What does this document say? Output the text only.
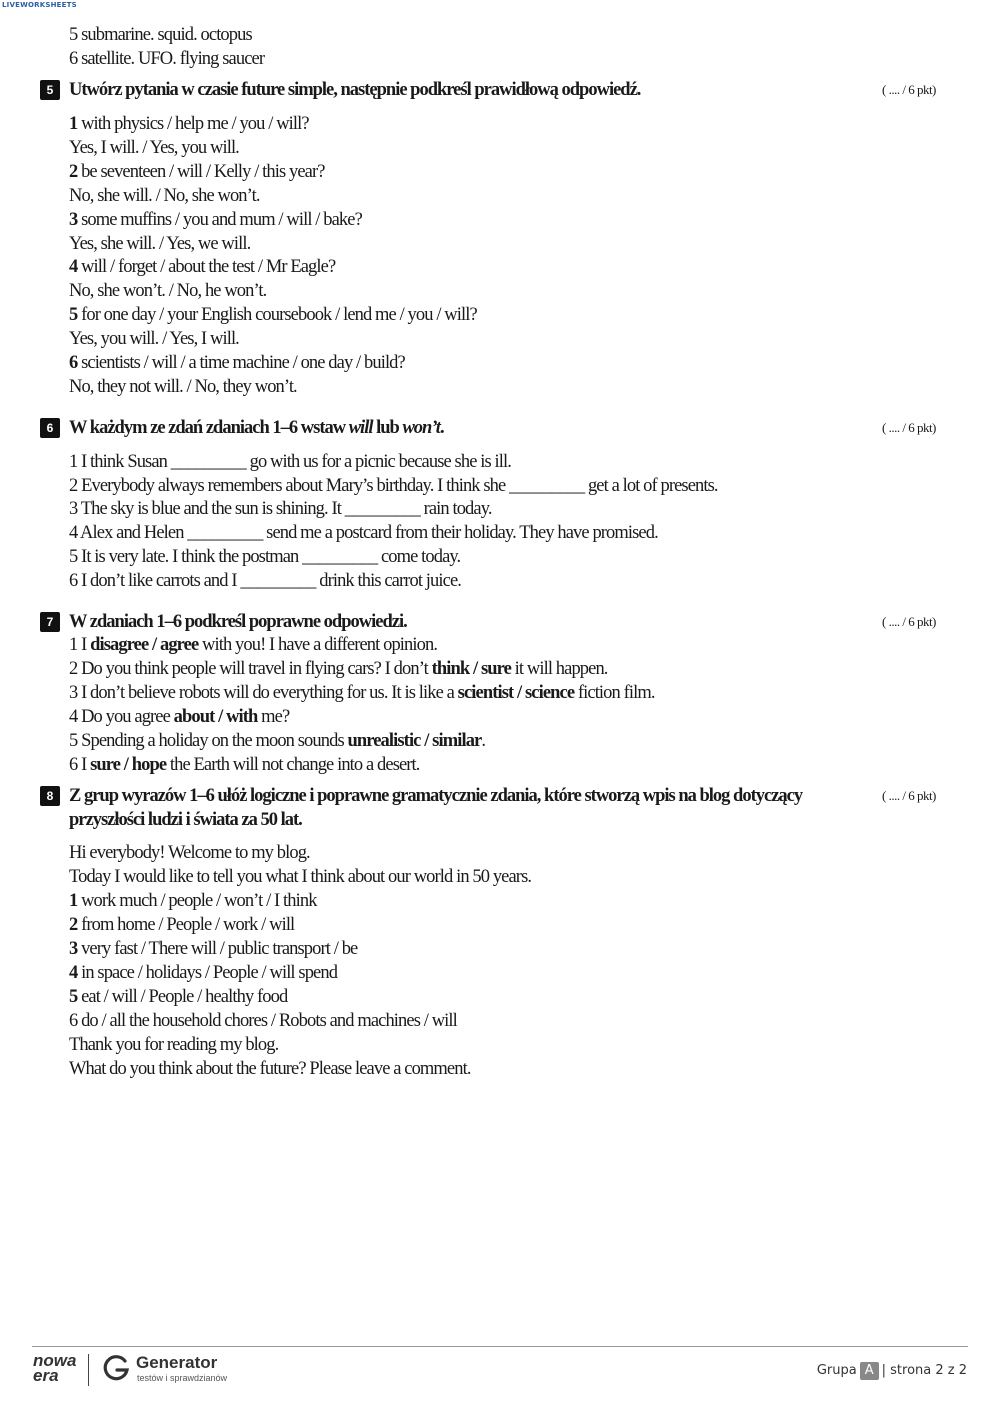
LIVEWORKSHEETS
5 submarine. squid. octopus
6 satellite. UFO. flying saucer
5 Utwórz pytania w czasie future simple, następnie podkreśl prawidłową odpowiedź.	( .... / 6 pkt)
1 with physics / help me / you / will?
Yes, I will. / Yes, you will.
2 be seventeen / will / Kelly / this year?
No, she will. / No, she won’t.
3 some muffins / you and mum / will / bake?
Yes, she will. / Yes, we will.
4 will / forget / about the test / Mr Eagle?
No, she won’t. / No, he won’t.
5 for one day / your English coursebook / lend me / you / will?
Yes, you will. / Yes, I will.
6 scientists / will / a time machine / one day / build?
No, they not will. / No, they won’t.
6 W każdym ze zdań zdaniach 1–6 wstaw will lub won’t.	( .... / 6 pkt)
1 I think Susan _________ go with us for a picnic because she is ill.
2 Everybody always remembers about Mary’s birthday. I think she _________ get a lot of presents.
3 The sky is blue and the sun is shining. It _________ rain today.
4 Alex and Helen _________ send me a postcard from their holiday. They have promised.
5 It is very late. I think the postman _________ come today.
6 I don’t like carrots and I _________ drink this carrot juice.
7 W zdaniach 1–6 podkreśl poprawne odpowiedzi.	( .... / 6 pkt)
1 I disagree / agree with you! I have a different opinion.
2 Do you think people will travel in flying cars? I don’t think / sure it will happen.
3 I don’t believe robots will do everything for us. It is like a scientist / science fiction film.
4 Do you agree about / with me?
5 Spending a holiday on the moon sounds unrealistic / similar.
6 I sure / hope the Earth will not change into a desert.
8 Z grup wyrazów 1–6 ułóż logiczne i poprawne gramatycznie zdania, które stworzą wpis na blog dotyczący
przyszłości ludzi i świata za 50 lat.
( .... / 6 pkt)
Hi everybody! Welcome to my blog.
Today I would like to tell you what I think about our world in 50 years.
1 work much / people / won’t / I think
2 from home / People / work / will
3 very fast / There will / public transport / be
4 in space / holidays / People / will spend
5 eat / will / People / healthy food
6 do / all the household chores / Robots and machines / will
Thank you for reading my blog.
What do you think about the future? Please leave a comment.
nowa
era
Generator
testów i sprawdzianów	Grupa A | strona 2 z 2
